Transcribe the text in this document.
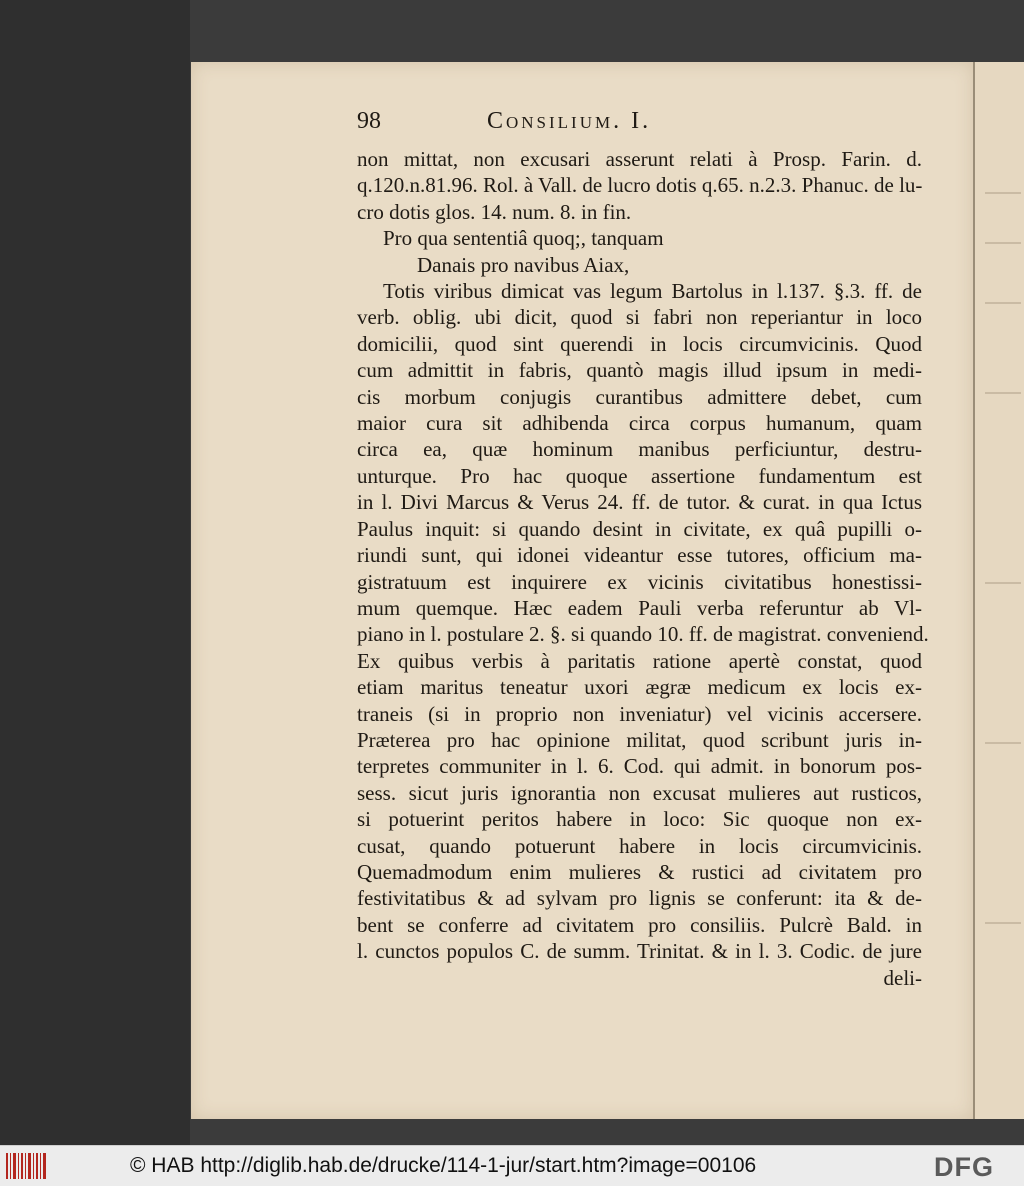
98	Consilium. I.
non mittat, non excusari asserunt relati à Prosp. Farin. d.
q.120.n.81.96. Rol. à Vall. de lucro dotis q.65. n.2.3. Phanuc. de lu-
cro dotis glos. 14. num. 8. in fin.
Pro qua sententiâ quoq;, tanquam
Danais pro navibus Aiax,
Totis viribus dimicat vas legum Bartolus in l.137. §.3. ff. de
verb. oblig. ubi dicit, quod si fabri non reperiantur in loco
domicilii, quod sint querendi in locis circumvicinis. Quod
cum admittit in fabris, quantò magis illud ipsum in medi-
cis morbum conjugis curantibus admittere debet, cum
maior cura sit adhibenda circa corpus humanum, quam
circa ea, quæ hominum manibus perficiuntur, destru-
unturque. Pro hac quoque assertione fundamentum est
in l. Divi Marcus & Verus 24. ff. de tutor. & curat. in qua Ictus
Paulus inquit: si quando desint in civitate, ex quâ pupilli o-
riundi sunt, qui idonei videantur esse tutores, officium ma-
gistratuum est inquirere ex vicinis civitatibus honestissi-
mum quemque. Hæc eadem Pauli verba referuntur ab Vl-
piano in l. postulare 2. §. si quando 10. ff. de magistrat. conveniend.
Ex quibus verbis à paritatis ratione apertè constat, quod
etiam maritus teneatur uxori ægræ medicum ex locis ex-
traneis (si in proprio non inveniatur) vel vicinis accersere.
Præterea pro hac opinione militat, quod scribunt juris in-
terpretes communiter in l. 6. Cod. qui admit. in bonorum pos-
sess. sicut juris ignorantia non excusat mulieres aut rusticos,
si potuerint peritos habere in loco: Sic quoque non ex-
cusat, quando potuerunt habere in locis circumvicinis.
Quemadmodum enim mulieres & rustici ad civitatem pro
festivitatibus & ad sylvam pro lignis se conferunt: ita & de-
bent se conferre ad civitatem pro consiliis. Pulcrè Bald. in
l. cunctos populos C. de summ. Trinitat. & in l. 3. Codic. de jure
deli-
© HAB http://diglib.hab.de/drucke/114-1-jur/start.htm?image=00106	DFG
